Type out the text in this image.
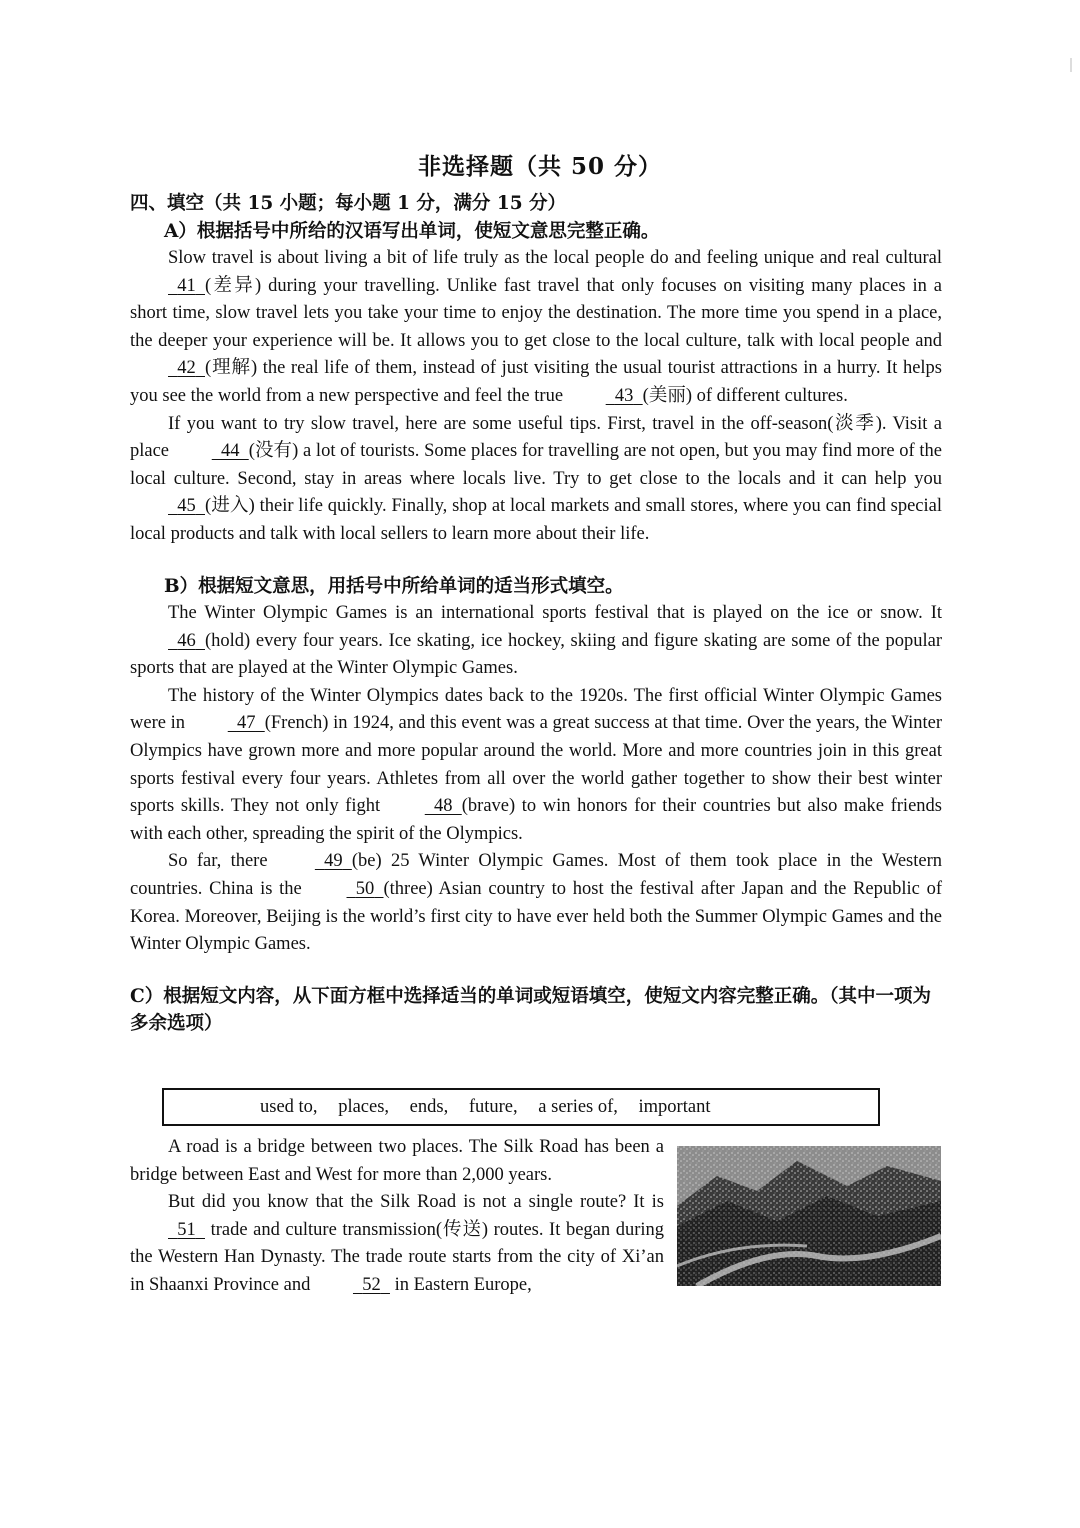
非选择题（共 50 分）

四、填空（共 15 小题；每小题 1 分，满分 15 分）

A）根据括号中所给的汉语写出单词，使短文意思完整正确。

Slow travel is about living a bit of life truly as the local people do and feeling unique and real cultural   41 (差异) during your travelling. Unlike fast travel that only focuses on visiting many places in a short time, slow travel lets you take your time to enjoy the destination. The more time you spend in a place, the deeper your experience will be. It allows you to get close to the local culture, talk with local people and   42 (理解) the real life of them, instead of just visiting the usual tourist attractions in a hurry. It helps you see the world from a new perspective and feel the true	43 (美丽) of different cultures.

If you want to try slow travel, here are some useful tips. First, travel in the off-season(淡季). Visit a place	44 (没有) a lot of tourists. Some places for travelling are not open, but you may find more of the local culture. Second, stay in areas where locals live. Try to get close to the locals and it can help you   45 (进入) their life quickly. Finally, shop at local markets and small stores, where you can find special local products and talk with local sellers to learn more about their life.

B）根据短文意思，用括号中所给单词的适当形式填空。

The Winter Olympic Games is an international sports festival that is played on the ice or snow. It   46 (hold) every four years. Ice skating, ice hockey, skiing and figure skating are some of the popular sports that are played at the Winter Olympic Games.

The history of the Winter Olympics dates back to the 1920s. The first official Winter Olympic Games were in	47 (French) in 1924, and this event was a great success at that time. Over the years, the Winter Olympics have grown more and more popular around the world. More and more countries join in this great sports festival every four years. Athletes from all over the world gather together to show their best winter sports skills. They not only fight	48 (brave) to win honors for their countries but also make friends with each other, spreading the spirit of the Olympics.

So far, there	49 (be) 25 Winter Olympic Games. Most of them took place in the Western countries. China is the	50 (three) Asian country to host the festival after Japan and the Republic of Korea. Moreover, Beijing is the world’s first city to have ever held both the Summer Olympic Games and the Winter Olympic Games.

C）根据短文内容，从下面方框中选择适当的单词或短语填空，使短文内容完整正确。（其中一项为多余选项）

used to, places, ends, future, a series of, important

A road is a bridge between two places. The Silk Road has been a bridge between East and West for more than 2,000 years.

But did you know that the Silk Road is not a single route? It is   51   trade and culture transmission(传送) routes. It began during the Western Han Dynasty. The trade route starts from the city of Xi’an in Shaanxi Province and	52   in Eastern Europe,
